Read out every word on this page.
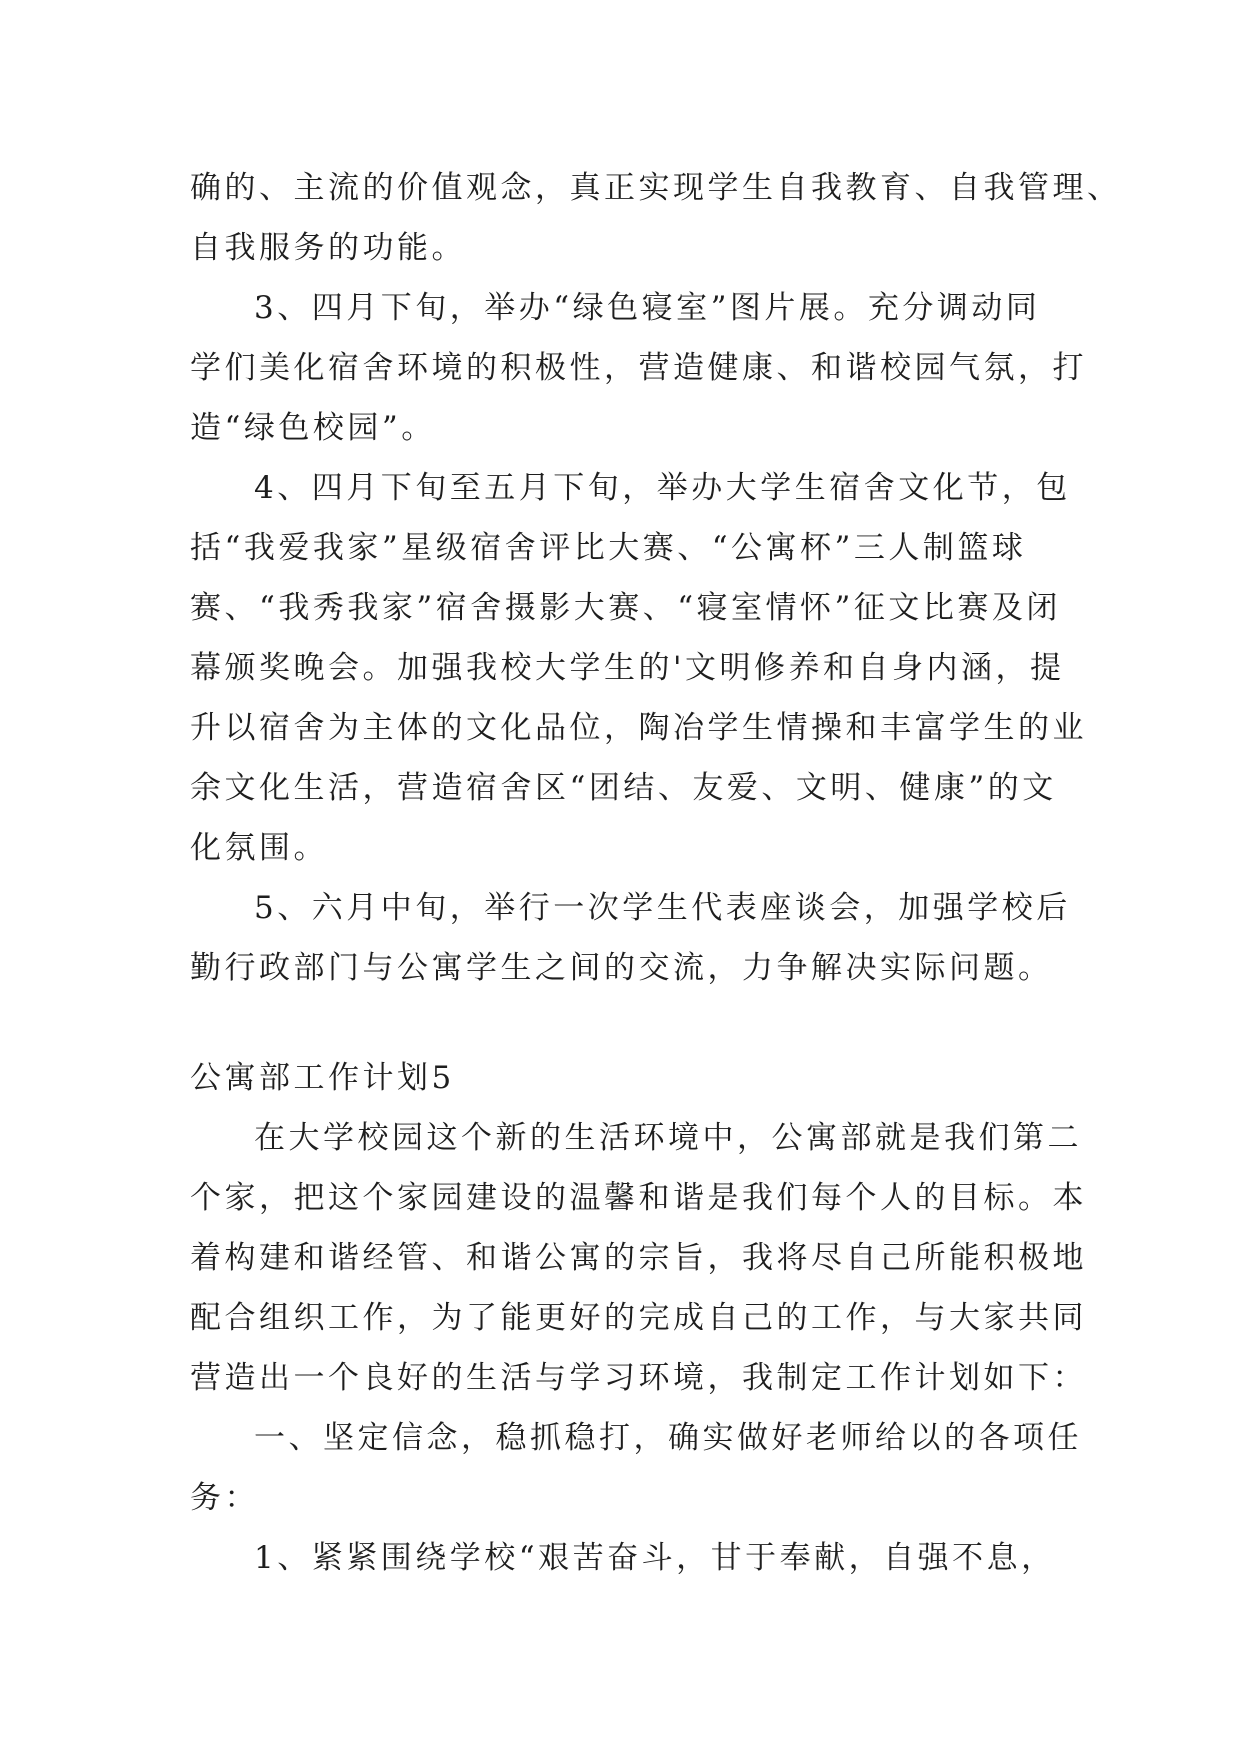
确的、主流的价值观念，真正实现学生自我教育、自我管理、
自我服务的功能。
3、四月下旬，举办“绿色寝室”图片展。充分调动同
学们美化宿舍环境的积极性，营造健康、和谐校园气氛，打
造“绿色校园”。
4、四月下旬至五月下旬，举办大学生宿舍文化节，包
括“我爱我家”星级宿舍评比大赛、“公寓杯”三人制篮球
赛、“我秀我家”宿舍摄影大赛、“寝室情怀”征文比赛及闭
幕颁奖晚会。加强我校大学生的'文明修养和自身内涵，提
升以宿舍为主体的文化品位，陶冶学生情操和丰富学生的业
余文化生活，营造宿舍区“团结、友爱、文明、健康”的文
化氛围。
5、六月中旬，举行一次学生代表座谈会，加强学校后
勤行政部门与公寓学生之间的交流，力争解决实际问题。
公寓部工作计划5
在大学校园这个新的生活环境中，公寓部就是我们第二
个家，把这个家园建设的温馨和谐是我们每个人的目标。本
着构建和谐经管、和谐公寓的宗旨，我将尽自己所能积极地
配合组织工作，为了能更好的完成自己的工作，与大家共同
营造出一个良好的生活与学习环境，我制定工作计划如下：
一、坚定信念，稳抓稳打，确实做好老师给以的各项任
务：
1、紧紧围绕学校“艰苦奋斗，甘于奉献，自强不息，
